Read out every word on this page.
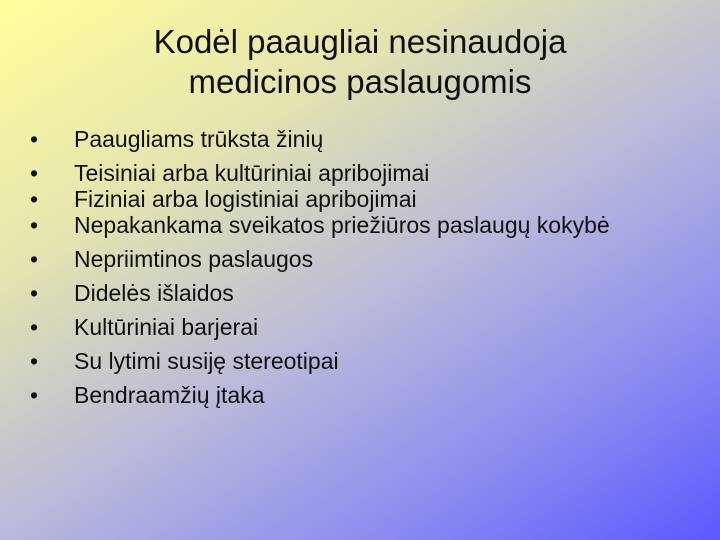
Kodėl paaugliai nesinaudoja
medicinos paslaugomis
•	Paaugliams trūksta žinių
•	Teisiniai arba kultūriniai apribojimai
•	Fiziniai arba logistiniai apribojimai
•	Nepakankama sveikatos priežiūros paslaugų kokybė
•	Nepriimtinos paslaugos
•	Didelės išlaidos
•	Kultūriniai barjerai
•	Su lytimi susiję stereotipai
•	Bendraamžių įtaka
